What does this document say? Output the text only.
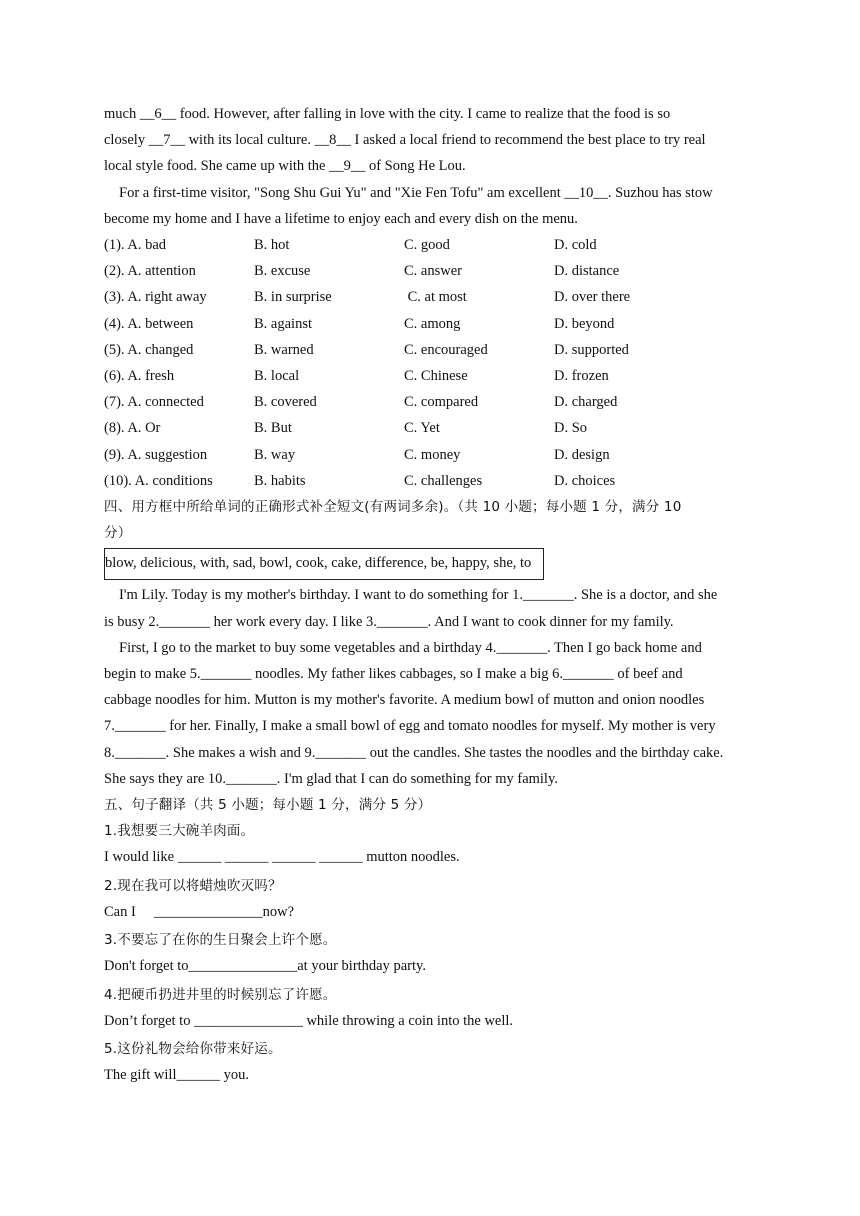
much __6__ food. However, after falling in love with the city. I came to realize that the food is so
closely __7__ with its local culture. __8__ I asked a local friend to recommend the best place to try real
local style food. She came up with the __9__ of Song He Lou.
For a first-time visitor, "Song Shu Gui Yu" and "Xie Fen Tofu" am excellent __10__. Suzhou has stow
become my home and I have a lifetime to enjoy each and every dish on the menu.
(1). A. bad	B. hot	C. good	D. cold
(2). A. attention	B. excuse	C. answer	D. distance
(3). A. right away	B. in surprise	C. at most	D. over there
(4). A. between	B. against	C. among	D. beyond
(5). A. changed	B. warned	C. encouraged	D. supported
(6). A. fresh	B. local	C. Chinese	D. frozen
(7). A. connected	B. covered	C. compared	D. charged
(8). A. Or	B. But	C. Yet	D. So
(9). A. suggestion	B. way	C. money	D. design
(10). A. conditions	B. habits	C. challenges	D. choices
四、用方框中所给单词的正确形式补全短文(有两词多余)。（共 10 小题；每小题 1 分，满分 10
分）
blow, delicious, with, sad, bowl, cook, cake, difference, be, happy, she, to
I'm Lily. Today is my mother's birthday. I want to do something for 1._______. She is a doctor, and she
is busy 2._______ her work every day. I like 3._______. And I want to cook dinner for my family.
First, I go to the market to buy some vegetables and a birthday 4._______. Then I go back home and
begin to make 5._______ noodles. My father likes cabbages, so I make a big 6._______ of beef and
cabbage noodles for him. Mutton is my mother's favorite. A medium bowl of mutton and onion noodles
7._______ for her. Finally, I make a small bowl of egg and tomato noodles for myself. My mother is very
8._______. She makes a wish and 9._______ out the candles. She tastes the noodles and the birthday cake.
She says they are 10._______. I'm glad that I can do something for my family.
五、句子翻译（共 5 小题；每小题 1 分，满分 5 分）
1.我想要三大碗羊肉面。
I would like ______ ______ ______ ______ mutton noodles.
2.现在我可以将蜡烛吹灭吗？
Can I     _______________now?
3.不要忘了在你的生日聚会上许个愿。
Don't forget to_______________at your birthday party.
4.把硬币扔进井里的时候别忘了许愿。
Don’t forget to _______________ while throwing a coin into the well.
5.这份礼物会给你带来好运。
The gift will______ you.
